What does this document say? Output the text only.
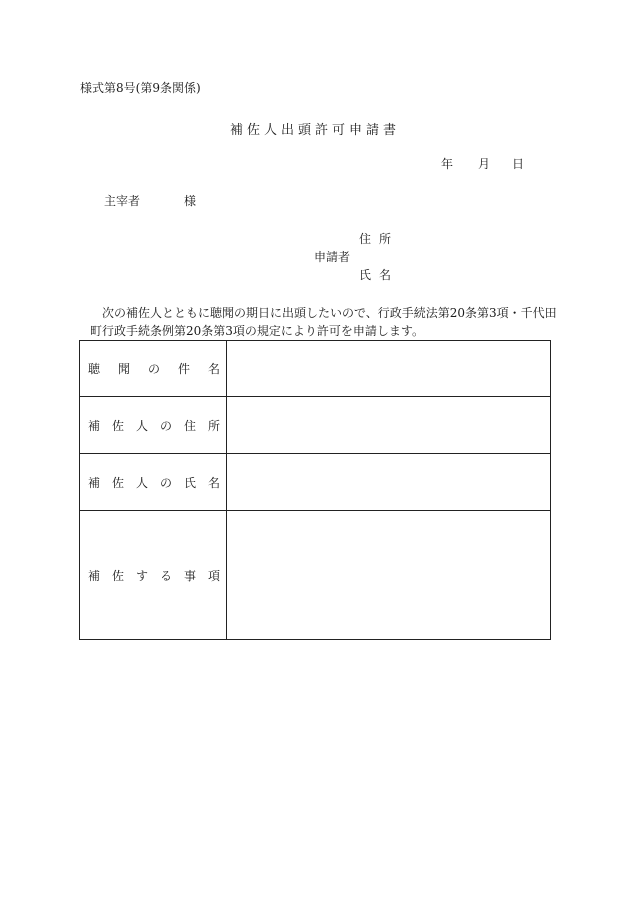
様式第8号(第9条関係)
補佐人出頭許可申請書
年 月 日
主宰者	様
住所
申請者
氏名
次の補佐人とともに聴聞の期日に出頭したいので、行政手続法第20条第3項・千代田
町行政手続条例第20条第3項の規定により許可を申請します。
聴聞の件名	
補佐人の住所	
補佐人の氏名	
補佐する事項	
